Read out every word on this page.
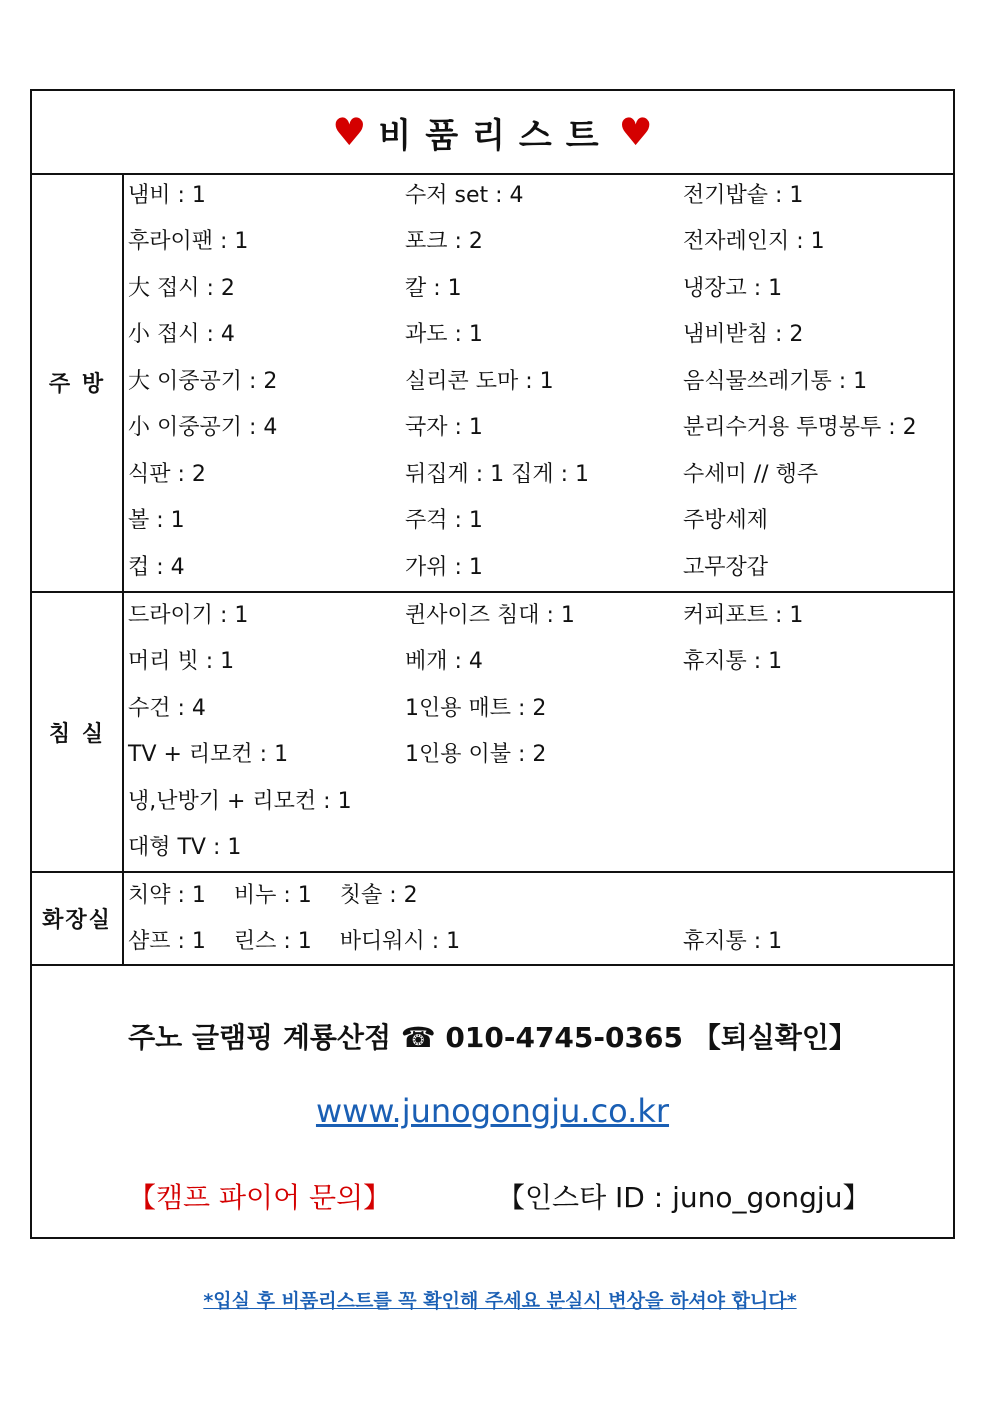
♥ 비품리스트 ♥
주 방
냄비 : 1	수저 set : 4	전기밥솥 : 1
후라이팬 : 1	포크 : 2	전자레인지 : 1
大 접시 : 2	칼 : 1	냉장고 : 1
小 접시 : 4	과도 : 1	냄비받침 : 2
大 이중공기 : 2	실리콘 도마 : 1	음식물쓰레기통 : 1
小 이중공기 : 4	국자 : 1	분리수거용 투명봉투 : 2
식판 : 2	뒤집게 : 1 집게 : 1	수세미 // 행주
볼 : 1	주걱 : 1	주방세제
컵 : 4	가위 : 1	고무장갑
침 실
드라이기 : 1	퀸사이즈 침대 : 1	커피포트 : 1
머리 빗 : 1	베개 : 4	휴지통 : 1
수건 : 4	1인용 매트 : 2
TV + 리모컨 : 1	1인용 이불 : 2
냉,난방기 + 리모컨 : 1
대형 TV : 1
화장실
치약 : 1    비누 : 1    칫솔 : 2
샴프 : 1    린스 : 1    바디워시 : 1	휴지통 : 1
주노 글램핑 계룡산점 ☎ 010-4745-0365 【퇴실확인】
www.junogongju.co.kr
【캠프 파이어 문의】	【인스타 ID : juno_gongju】
*입실 후 비품리스트를 꼭 확인해 주세요 분실시 변상을 하셔야 합니다*
